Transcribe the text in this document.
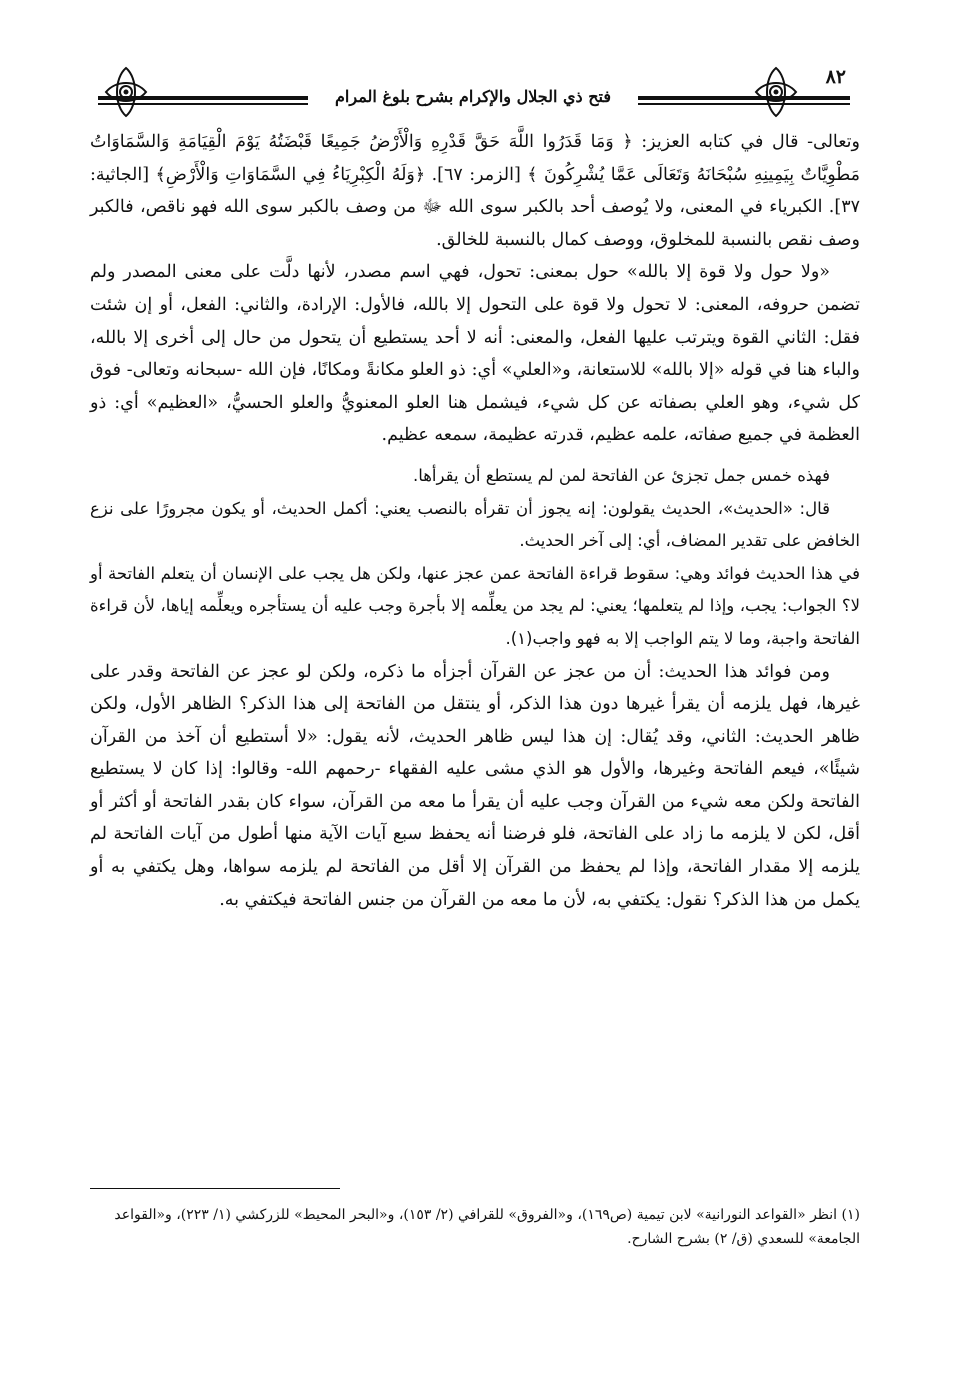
فتح ذي الجلال والإكرام بشرح بلوغ المرام
٨٢

وتعالى- قال في كتابه العزيز: ﴿ وَمَا قَدَرُوا اللَّهَ حَقَّ قَدْرِهِ وَالْأَرْضُ جَمِيعًا قَبْضَتُهُ يَوْمَ الْقِيَامَةِ وَالسَّمَاوَاتُ مَطْوِيَّاتٌ بِيَمِينِهِ سُبْحَانَهُ وَتَعَالَى عَمَّا يُشْرِكُونَ ﴾ [الزمر: ٦٧]. ﴿وَلَهُ الْكِبْرِيَاءُ فِي السَّمَاوَاتِ وَالْأَرْضِ﴾ [الجاثية: ٣٧]. الكبرياء في المعنى، ولا يُوصف أحد بالكبر سوى الله ﷻ من وصف بالكبر سوى الله فهو ناقص، فالكبر وصف نقص بالنسبة للمخلوق، ووصف كمال بالنسبة للخالق.

«ولا حول ولا قوة إلا بالله» حول بمعنى: تحول، فهي اسم مصدر، لأنها دلَّت على معنى المصدر ولم تضمن حروفه، المعنى: لا تحول ولا قوة على التحول إلا بالله، فالأول: الإرادة، والثاني: الفعل، أو إن شئت فقل: الثاني القوة ويترتب عليها الفعل، والمعنى: أنه لا أحد يستطيع أن يتحول من حال إلى أخرى إلا بالله، والباء هنا في قوله «إلا بالله» للاستعانة، و«العلي» أي: ذو العلو مكانةً ومكانًا، فإن الله -سبحانه وتعالى- فوق كل شيء، وهو العلي بصفاته عن كل شيء، فيشمل هنا العلو المعنويُّ والعلو الحسيُّ، «العظيم» أي: ذو العظمة في جميع صفاته، علمه عظيم، قدرته عظيمة، سمعه عظيم.

فهذه خمس جمل تجزئ عن الفاتحة لمن لم يستطع أن يقرأها.

قال: «الحديث»، الحديث يقولون: إنه يجوز أن تقرأه بالنصب يعني: أكمل الحديث، أو يكون مجرورًا على نزع الخافض على تقدير المضاف، أي: إلى آخر الحديث.

في هذا الحديث فوائد وهي: سقوط قراءة الفاتحة عمن عجز عنها، ولكن هل يجب على الإنسان أن يتعلم الفاتحة أو لا؟ الجواب: يجب، وإذا لم يتعلمها؛ يعني: لم يجد من يعلِّمه إلا بأجرة وجب عليه أن يستأجره ويعلِّمه إياها، لأن قراءة الفاتحة واجبة، وما لا يتم الواجب إلا به فهو واجب(١).

ومن فوائد هذا الحديث: أن من عجز عن القرآن أجزأه ما ذكره، ولكن لو عجز عن الفاتحة وقدر على غيرها، فهل يلزمه أن يقرأ غيرها دون هذا الذكر، أو ينتقل من الفاتحة إلى هذا الذكر؟ الظاهر الأول، ولكن ظاهر الحديث: الثاني، وقد يُقال: إن هذا ليس ظاهر الحديث، لأنه يقول: «لا أستطيع أن آخذ من القرآن شيئًا»، فيعم الفاتحة وغيرها، والأول هو الذي مشى عليه الفقهاء -رحمهم الله- وقالوا: إذا كان لا يستطيع الفاتحة ولكن معه شيء من القرآن وجب عليه أن يقرأ ما معه من القرآن، سواء كان بقدر الفاتحة أو أكثر أو أقل، لكن لا يلزمه ما زاد على الفاتحة، فلو فرضنا أنه يحفظ سبع آيات الآية منها أطول من آيات الفاتحة لم يلزمه إلا مقدار الفاتحة، وإذا لم يحفظ من القرآن إلا أقل من الفاتحة لم يلزمه سواها، وهل يكتفي به أو يكمل من هذا الذكر؟ نقول: يكتفي به، لأن ما معه من القرآن من جنس الفاتحة فيكتفي به.

(١) انظر «القواعد النورانية» لابن تيمية (ص١٦٩)، و«الفروق» للقرافي (٢/ ١٥٣)، و«البحر المحيط» للزركشي (١/ ٢٢٣)، و«القواعد الجامعة» للسعدي (ق/ ٢) بشرح الشارح.
